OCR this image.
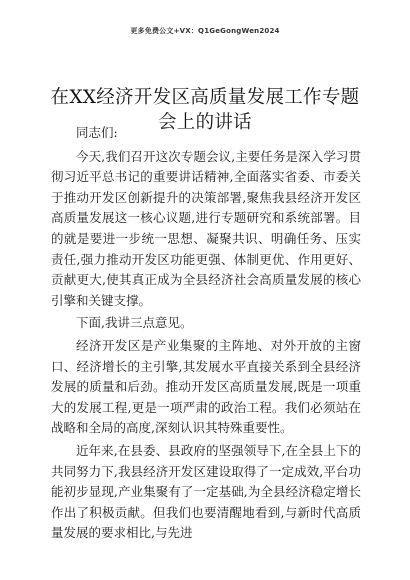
更多免费公文+VX：Q1GeGongWen2024
在XX经济开发区高质量发展工作专题会上的讲话

同志们:

今天,我们召开这次专题会议,主要任务是深入学习贯彻习近平总书记的重要讲话精神,全面落实省委、市委关于推动开发区创新提升的决策部署,聚焦我县经济开发区高质量发展这一核心议题,进行专题研究和系统部署。目的就是要进一步统一思想、凝聚共识、明确任务、压实责任,强力推动开发区功能更强、体制更优、作用更好、贡献更大,使其真正成为全县经济社会高质量发展的核心引擎和关键支撑。

下面,我讲三点意见。

经济开发区是产业集聚的主阵地、对外开放的主窗口、经济增长的主引擎,其发展水平直接关系到全县经济发展的质量和后劲。推动开发区高质量发展,既是一项重大的发展工程,更是一项严肃的政治工程。我们必须站在战略和全局的高度,深刻认识其特殊重要性。

近年来,在县委、县政府的坚强领导下,在全县上下的共同努力下,我县经济开发区建设取得了一定成效,平台功能初步显现,产业集聚有了一定基础,为全县经济稳定增长作出了积极贡献。但我们也要清醒地看到,与新时代高质量发展的要求相比,与先进
